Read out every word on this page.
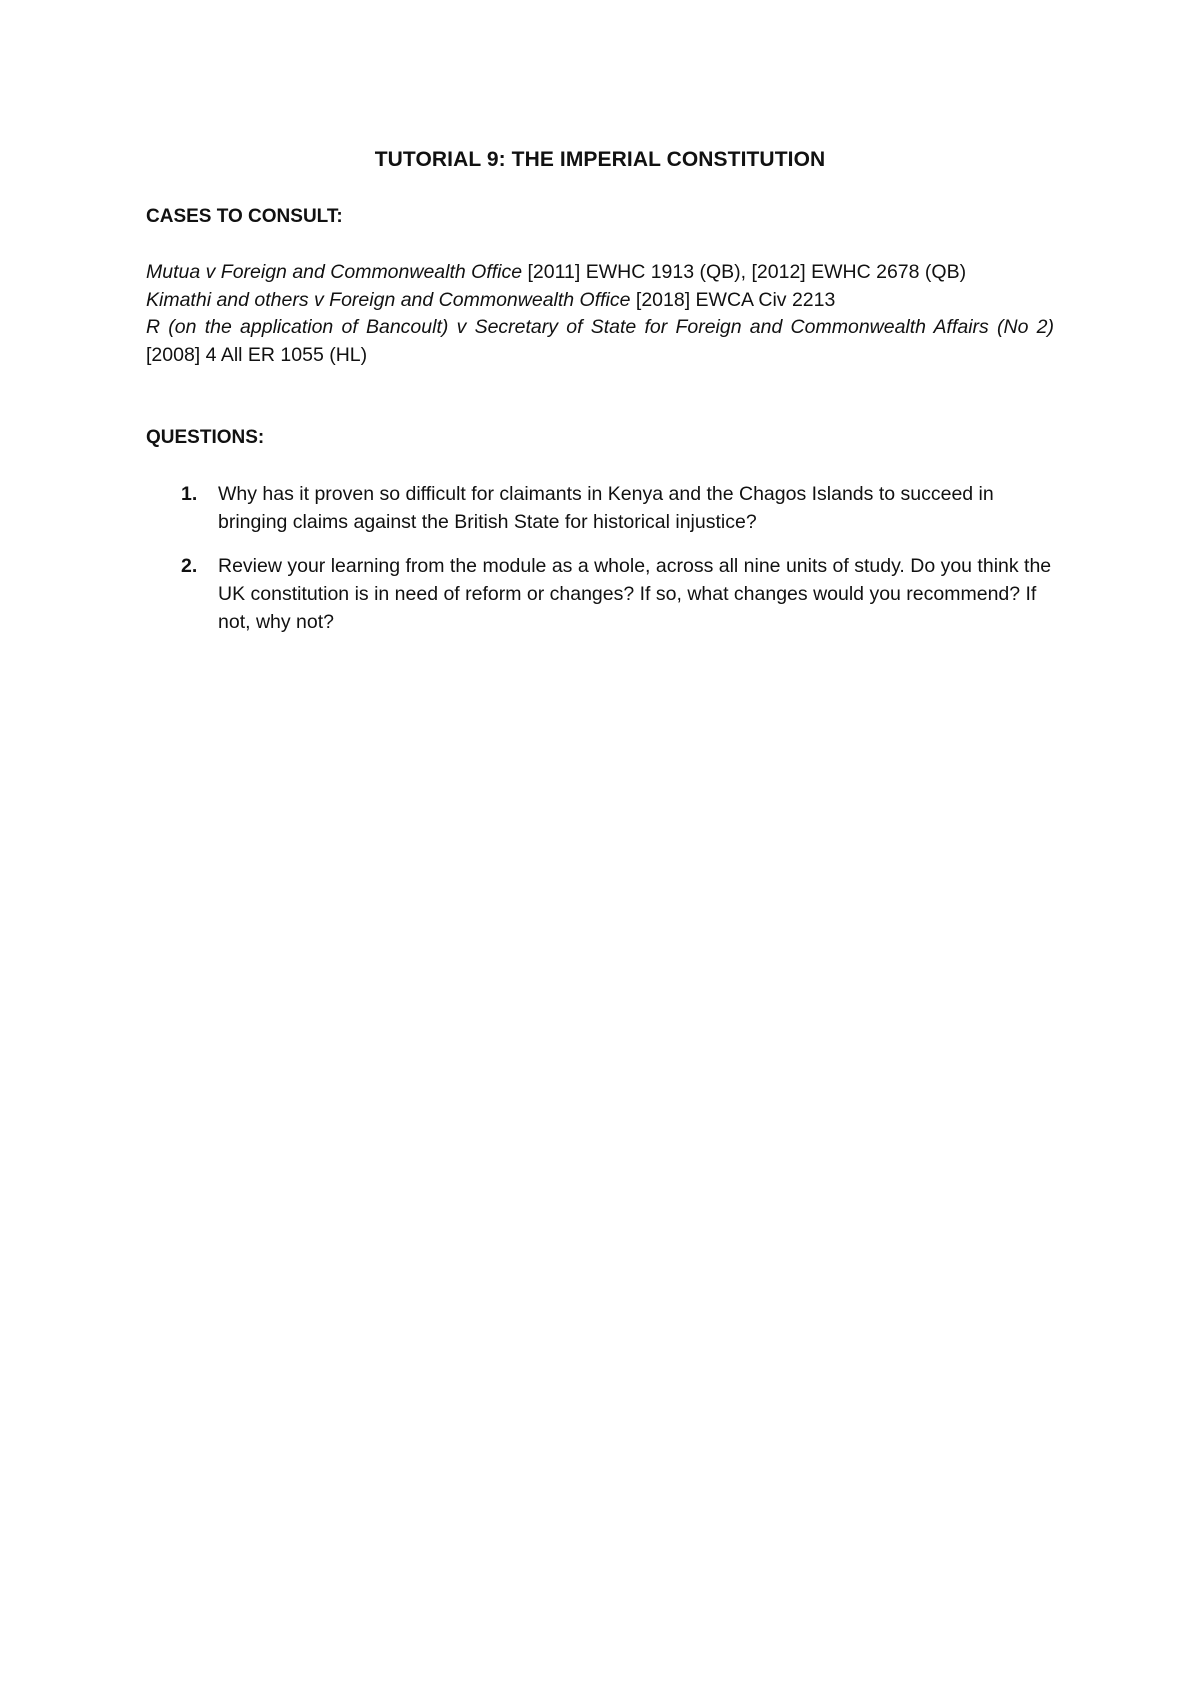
TUTORIAL 9: THE IMPERIAL CONSTITUTION
CASES TO CONSULT:

Mutua v Foreign and Commonwealth Office [2011] EWHC 1913 (QB), [2012] EWHC 2678 (QB)

Kimathi and others v Foreign and Commonwealth Office [2018] EWCA Civ 2213

R (on the application of Bancoult) v Secretary of State for Foreign and Commonwealth Affairs (No 2) [2008] 4 All ER 1055 (HL)

QUESTIONS:
1. Why has it proven so difficult for claimants in Kenya and the Chagos Islands to succeed in bringing claims against the British State for historical injustice?
2. Review your learning from the module as a whole, across all nine units of study. Do you think the UK constitution is in need of reform or changes? If so, what changes would you recommend? If not, why not?
